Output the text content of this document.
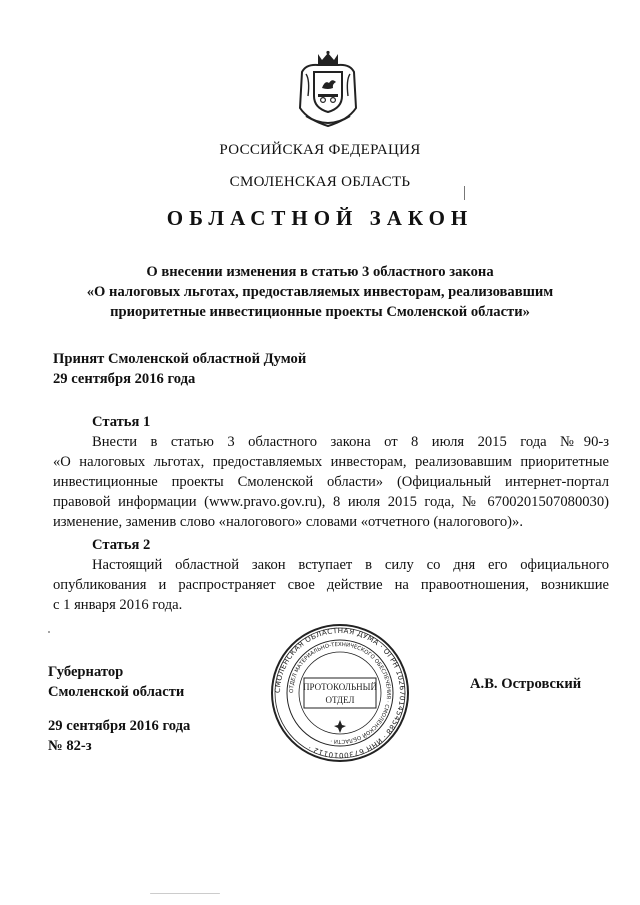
РОССИЙСКАЯ ФЕДЕРАЦИЯ
СМОЛЕНСКАЯ ОБЛАСТЬ
ОБЛАСТНОЙ ЗАКОН
О внесении изменения в статью 3 областного закона
«О налоговых льготах, предоставляемых инвесторам, реализовавшим
приоритетные инвестиционные проекты Смоленской области»
Принят Смоленской областной Думой
29 сентября 2016 года
Статья 1
Внести в статью 3 областного закона от 8 июля 2015 года №90-з
«О налоговых льготах, предоставляемых инвесторам, реализовавшим приоритетные
инвестиционные проекты Смоленской области» (Официальный интернет-портал
правовой информации (www.pravo.gov.ru), 8 июля 2015 года, № 6700201507080030)
изменение, заменив слово «налогового» словами «отчетного (налогового)».
Статья 2
Настоящий областной закон вступает в силу со дня его официального
опубликования и распространяет свое действие на правоотношения, возникшие
с 1 января 2016 года.
Губернатор
Смоленской области	А.В. Островский
29 сентября 2016 года
№ 82-з
СМОЛЕНСКАЯ ОБЛАСТНАЯ ДУМА · ОГРН 1026701454588 · ИНН 6730010112 ·
ОТДЕЛ МАТЕРИАЛЬНО-ТЕХНИЧЕСКОГО ОБЕСПЕЧЕНИЯ · СМОЛЕНСКОЙ ОБЛАСТИ ·
ПРОТОКОЛЬНЫЙ
ОТДЕЛ
